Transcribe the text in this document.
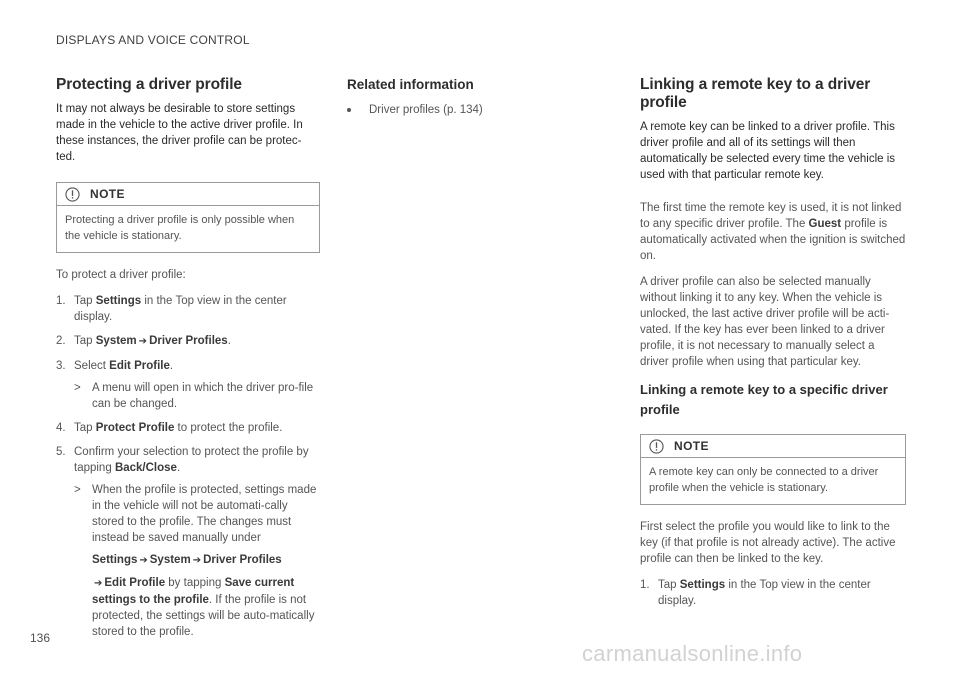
DISPLAYS AND VOICE CONTROL
Protecting a driver profile

It may not always be desirable to store settings made in the vehicle to the active driver profile. In these instances, the driver profile can be protec-ted.

NOTE
Protecting a driver profile is only possible when the vehicle is stationary.

To protect a driver profile:

1. Tap Settings in the Top view in the center display.
2. Tap System ➔ Driver Profiles.
3. Select Edit Profile.
> A menu will open in which the driver pro-file can be changed.
4. Tap Protect Profile to protect the profile.
5. Confirm your selection to protect the profile by tapping Back/Close.
> When the profile is protected, settings made in the vehicle will not be automati-cally stored to the profile. The changes must instead be saved manually under
Settings ➔ System ➔ Driver Profiles
➔ Edit Profile by tapping Save current settings to the profile. If the profile is not protected, the settings will be auto-matically stored to the profile.
Related information
Driver profiles (p. 134)
Linking a remote key to a driver profile

A remote key can be linked to a driver profile. This driver profile and all of its settings will then automatically be selected every time the vehicle is used with that particular remote key.

The first time the remote key is used, it is not linked to any specific driver profile. The Guest profile is automatically activated when the ignition is switched on.

A driver profile can also be selected manually without linking it to any key. When the vehicle is unlocked, the last active driver profile will be acti-vated. If the key has ever been linked to a driver profile, it is not necessary to manually select a driver profile when using that particular key.

Linking a remote key to a specific driver profile
NOTE
A remote key can only be connected to a driver profile when the vehicle is stationary.

First select the profile you would like to link to the key (if that profile is not already active). The active profile can then be linked to the key.

1. Tap Settings in the Top view in the center display.
136
carmanualsonline.info
